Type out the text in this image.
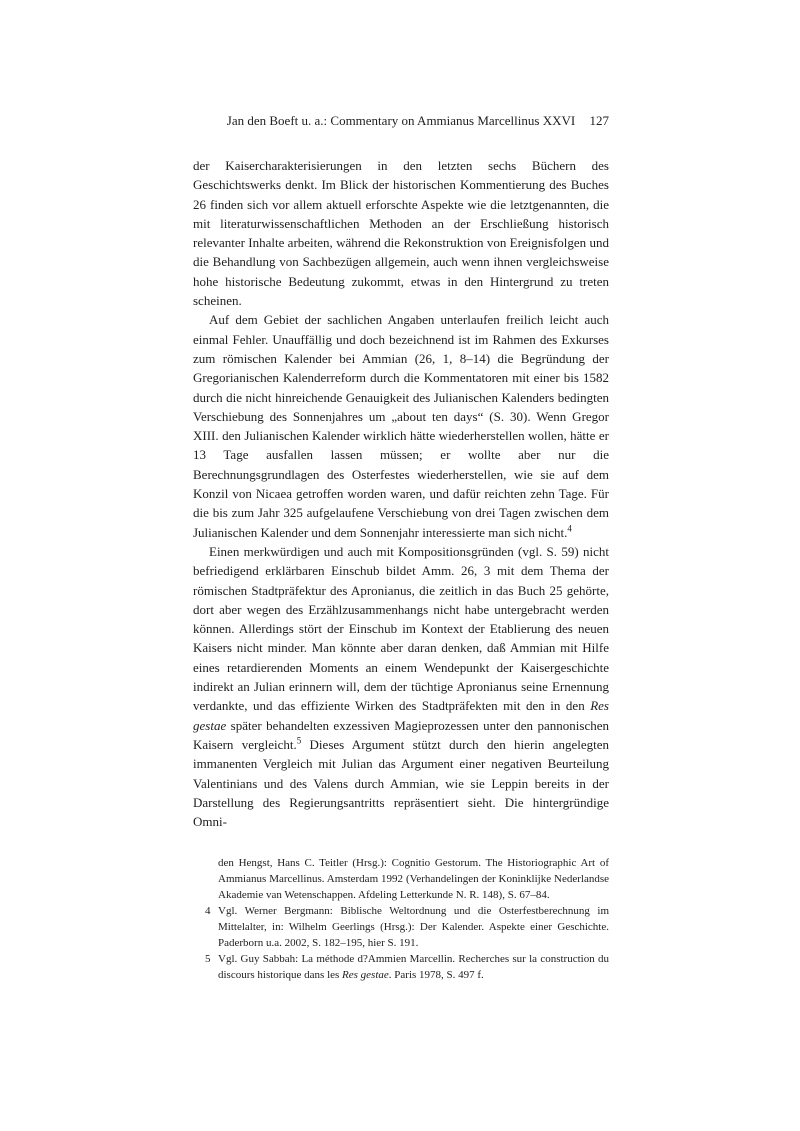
Jan den Boeft u. a.: Commentary on Ammianus Marcellinus XXVI 127

der Kaisercharakterisierungen in den letzten sechs Büchern des Geschichtswerks denkt. Im Blick der historischen Kommentierung des Buches 26 finden sich vor allem aktuell erforschte Aspekte wie die letztgenannten, die mit literaturwissenschaftlichen Methoden an der Erschließung historisch relevanter Inhalte arbeiten, während die Rekonstruktion von Ereignisfolgen und die Behandlung von Sachbezügen allgemein, auch wenn ihnen vergleichsweise hohe historische Bedeutung zukommt, etwas in den Hintergrund zu treten scheinen.

Auf dem Gebiet der sachlichen Angaben unterlaufen freilich leicht auch einmal Fehler. Unauffällig und doch bezeichnend ist im Rahmen des Exkurses zum römischen Kalender bei Ammian (26, 1, 8–14) die Begründung der Gregorianischen Kalenderreform durch die Kommentatoren mit einer bis 1582 durch die nicht hinreichende Genauigkeit des Julianischen Kalenders bedingten Verschiebung des Sonnenjahres um „about ten days“ (S. 30). Wenn Gregor XIII. den Julianischen Kalender wirklich hätte wiederherstellen wollen, hätte er 13 Tage ausfallen lassen müssen; er wollte aber nur die Berechnungsgrundlagen des Osterfestes wiederherstellen, wie sie auf dem Konzil von Nicaea getroffen worden waren, und dafür reichten zehn Tage. Für die bis zum Jahr 325 aufgelaufene Verschiebung von drei Tagen zwischen dem Julianischen Kalender und dem Sonnenjahr interessierte man sich nicht.$^4$

Einen merkwürdigen und auch mit Kompositionsgründen (vgl. S. 59) nicht befriedigend erklärbaren Einschub bildet Amm. 26, 3 mit dem Thema der römischen Stadtpräfektur des Apronianus, die zeitlich in das Buch 25 gehörte, dort aber wegen des Erzählzusammenhangs nicht habe untergebracht werden können. Allerdings stört der Einschub im Kontext der Etablierung des neuen Kaisers nicht minder. Man könnte aber daran denken, daß Ammian mit Hilfe eines retardierenden Moments an einem Wendepunkt der Kaisergeschichte indirekt an Julian erinnern will, dem der tüchtige Apronianus seine Ernennung verdankte, und das effiziente Wirken des Stadtpräfekten mit den in den Res gestae später behandelten exzessiven Magieprozessen unter den pannonischen Kaisern vergleicht.$^5$ Dieses Argument stützt durch den hierin angelegten immanenten Vergleich mit Julian das Argument einer negativen Beurteilung Valentinians und des Valens durch Ammian, wie sie Leppin bereits in der Darstellung des Regierungsantritts repräsentiert sieht. Die hintergründige Omni-

den Hengst, Hans C. Teitler (Hrsg.): Cognitio Gestorum. The Historiographic Art of Ammianus Marcellinus. Amsterdam 1992 (Verhandelingen der Koninklijke Nederlandse Akademie van Wetenschappen. Afdeling Letterkunde N. R. 148), S. 67–84.
4 Vgl. Werner Bergmann: Biblische Weltordnung und die Osterfestberechnung im Mittelalter, in: Wilhelm Geerlings (Hrsg.): Der Kalender. Aspekte einer Geschichte. Paderborn u.a. 2002, S. 182–195, hier S. 191.
5 Vgl. Guy Sabbah: La méthode d?Ammien Marcellin. Recherches sur la construction du discours historique dans les Res gestae. Paris 1978, S. 497 f.
